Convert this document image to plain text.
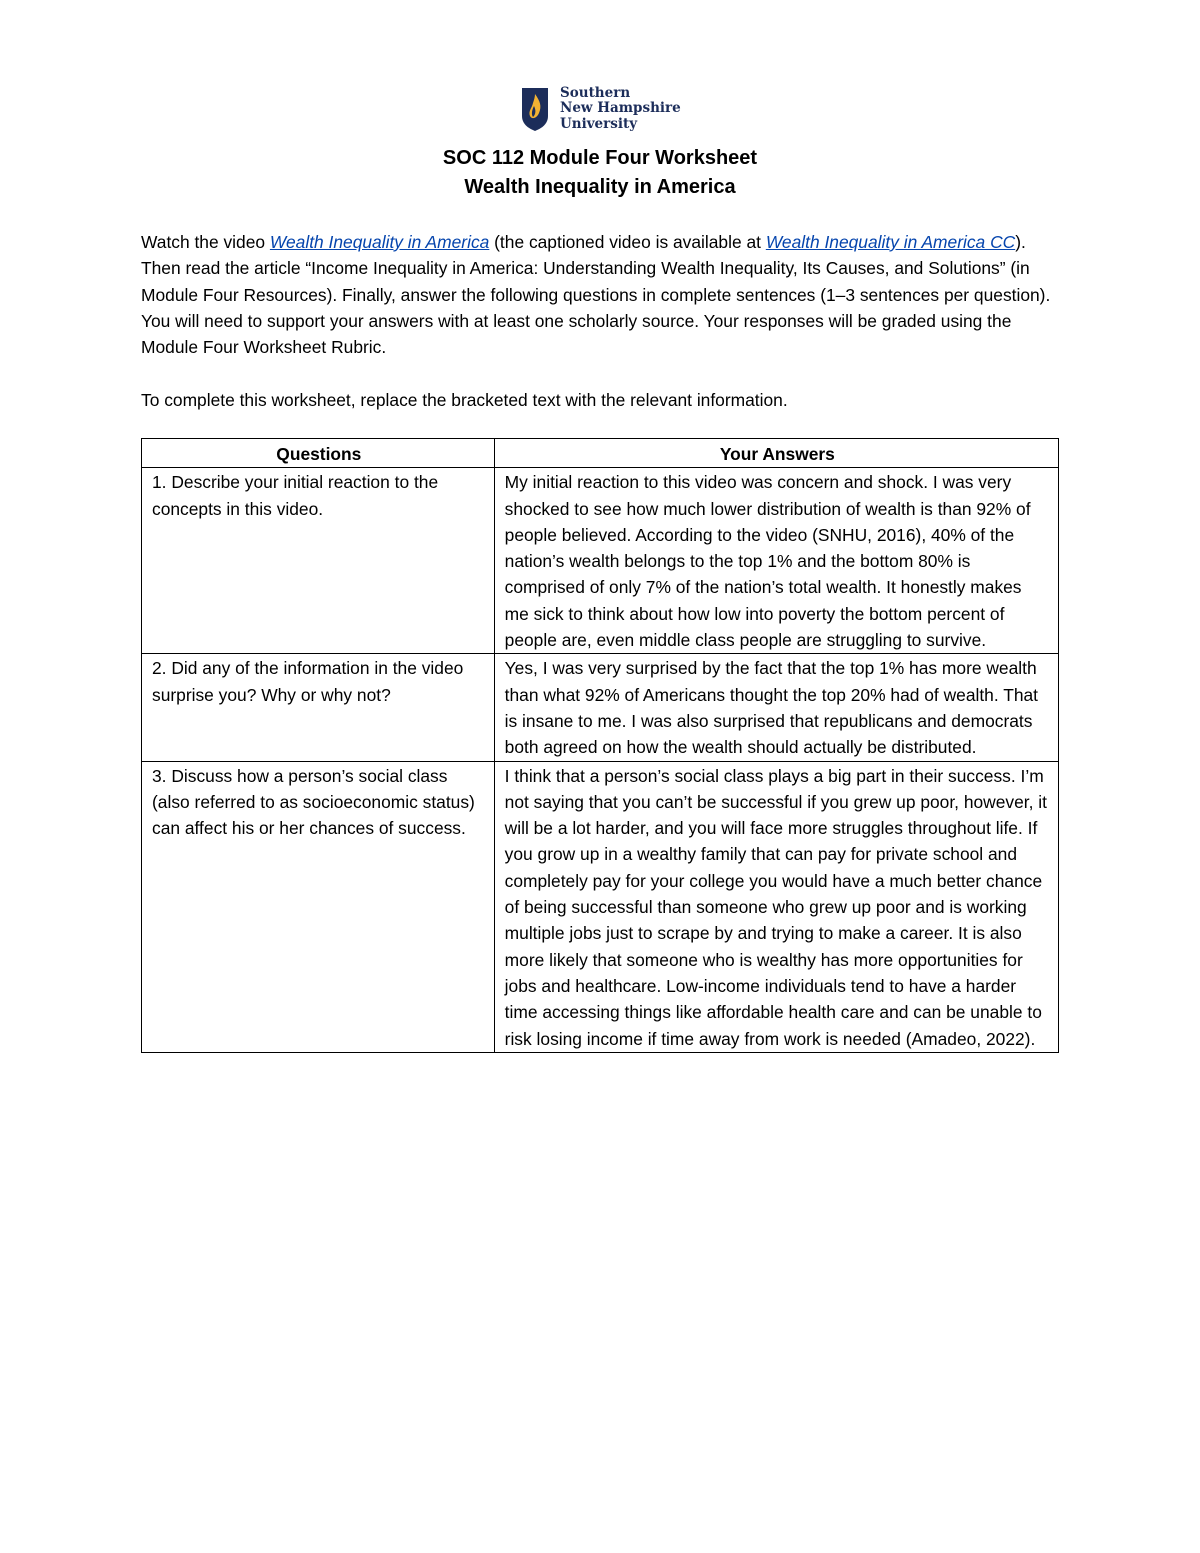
Southern
New Hampshire
University
SOC 112 Module Four Worksheet
Wealth Inequality in America
Watch the video Wealth Inequality in America (the captioned video is available at Wealth Inequality in America CC). Then read the article “Income Inequality in America: Understanding Wealth Inequality, Its Causes, and Solutions” (in Module Four Resources). Finally, answer the following questions in complete sentences (1–3 sentences per question). You will need to support your answers with at least one scholarly source. Your responses will be graded using the Module Four Worksheet Rubric.
To complete this worksheet, replace the bracketed text with the relevant information.
Questions	Your Answers
1. Describe your initial reaction to the concepts in this video.	My initial reaction to this video was concern and shock. I was very shocked to see how much lower distribution of wealth is than 92% of people believed. According to the video (SNHU, 2016), 40% of the nation’s wealth belongs to the top 1% and the bottom 80% is comprised of only 7% of the nation’s total wealth. It honestly makes me sick to think about how low into poverty the bottom percent of people are, even middle class people are struggling to survive.
2. Did any of the information in the video surprise you? Why or why not?	Yes, I was very surprised by the fact that the top 1% has more wealth than what 92% of Americans thought the top 20% had of wealth. That is insane to me. I was also surprised that republicans and democrats both agreed on how the wealth should actually be distributed.
3. Discuss how a person’s social class (also referred to as socioeconomic status) can affect his or her chances of success.	I think that a person’s social class plays a big part in their success. I’m not saying that you can’t be successful if you grew up poor, however, it will be a lot harder, and you will face more struggles throughout life. If you grow up in a wealthy family that can pay for private school and completely pay for your college you would have a much better chance of being successful than someone who grew up poor and is working multiple jobs just to scrape by and trying to make a career. It is also more likely that someone who is wealthy has more opportunities for jobs and healthcare. Low-income individuals tend to have a harder time accessing things like affordable health care and can be unable to risk losing income if time away from work is needed (Amadeo, 2022).
